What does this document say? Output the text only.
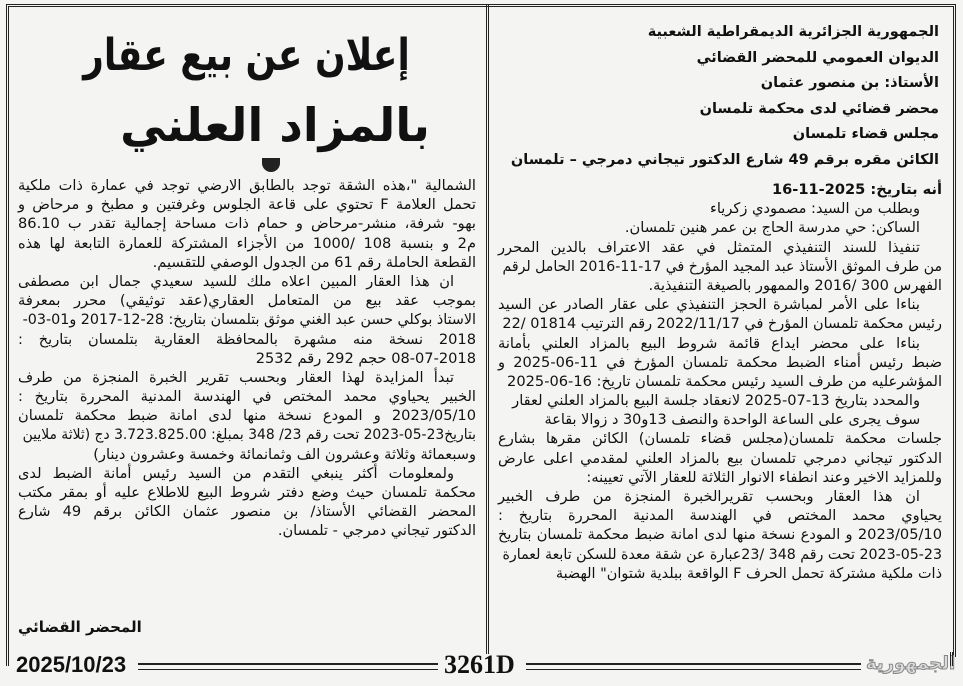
إعلان عن بيع عقار
بالمزاد العلني
الجمهورية الجزائرية الديمقراطية الشعبية
الديوان العمومي للمحضر القضائي
الأستاذ: بن منصور عثمان
محضر قضائي لدى محكمة تلمسان
مجلس قضاء تلمسان
الكائن مقره برقم 49 شارع الدكتور تيجاني دمرجي – تلمسان
أنه بتاريخ: 2025-11-16
وبطلب من السيد: مصمودي زكرياء
الساكن: حي مدرسة الحاج بن عمر هنين تلمسان.
تنفيذا للسند التنفيذي المتمثل في عقد الاعتراف بالدين المحرر
من طرف الموثق الأستاذ عبد المجيد المؤرخ في 17-11-2016 الحامل لرقم
الفهرس 300 /2016 والممهور بالصيغة التنفيذية.
بناءا على الأمر لمباشرة الحجز التنفيذي على عقار الصادر عن السيد
رئيس محكمة تلمسان المؤرخ في 2022/11/17 رقم الترتيب 01814 /22
بناءا على محضر ايداع قائمة شروط البيع بالمزاد العلني بأمانة
ضبط رئيس أمناء الضبط محكمة تلمسان المؤرخ في 11-06-2025 و
المؤشرعليه من طرف السيد رئيس محكمة تلمسان تاريخ: 16-06-2025
والمحدد بتاريخ 13-07-2025 لانعقاد جلسة البيع بالمزاد العلني لعقار
سوف يجرى على الساعة الواحدة والنصف 13و30 د زوالا بقاعة
جلسات محكمة تلمسان(مجلس قضاء تلمسان) الكائن مقرها بشارع
الدكتور تيجاني دمرجي تلمسان بيع بالمزاد العلني لمقدمي اعلى عارض
وللمزايد الاخير وعند انطفاء الانوار الثلاثة للعقار الآتي تعيينه:
ان هذا العقار وبحسب تقريرالخبرة المنجزة من طرف الخبير
يحياوي محمد المختص في الهندسة المدنية المحررة بتاريخ :
2023/05/10 و المودع نسخة منها لدى امانة ضبط محكمة تلمسان بتاريخ
2023-05-23 تحت رقم 348 /23عبارة عن شقة معدة للسكن تابعة لعمارة
ذات ملكية مشتركة تحمل الحرف F الواقعة ببلدية شتوان" الهضبة
الشمالية "،هذه الشقة توجد بالطابق الارضي توجد في عمارة ذات ملكية
تحمل العلامة F تحتوي على قاعة الجلوس وغرفتين و مطبخ و مرحاض و
بهو- شرفة، منشر-مرحاض و حمام ذات مساحة إجمالية تقدر ب 86.10
م2 و بنسبة 108 /1000 من الأجزاء المشتركة للعمارة التابعة لها هذه
القطعة الحاملة رقم 61 من الجدول الوصفي للتقسيم.
ان هذا العقار المبين اعلاه ملك للسيد سعيدي جمال ابن مصطفى
بموجب عقد بيع من المتعامل العقاري(عقد توثيقي) محرر بمعرفة
الاستاذ بوكلي حسن عبد الغني موثق بتلمسان بتاريخ: 28-12-2017 و01-03-
2018 نسخة منه مشهرة بالمحافظة العقارية بتلمسان بتاريخ :
08-07-2018 حجم 292 رقم 2532
تبدأ المزايدة لهذا العقار وبحسب تقرير الخبرة المنجزة من طرف
الخبير يحياوي محمد المختص في الهندسة المدنية المحررة بتاريخ :
2023/05/10 و المودع نسخة منها لدى امانة ضبط محكمة تلمسان
بتاريخ23-05-2023 تحت رقم 23/ 348 بمبلغ: 3.723.825.00 دج (ثلاثة ملايين
وسبعمائة وثلاثة وعشرون الف وثمانمائة وخمسة وعشرون دينار)
ولمعلومات أكثر ينبغي التقدم من السيد رئيس أمانة الضبط لدى
محكمة تلمسان حيث وضع دفتر شروط البيع للاطلاع عليه أو بمقر مكتب
المحضر القضائي الأستاذ/ بن منصور عثمان الكائن برقم 49 شارع
الدكتور تيجاني دمرجي - تلمسان.
المحضر القضائي
2025/10/23	3261D	الجمهورية
